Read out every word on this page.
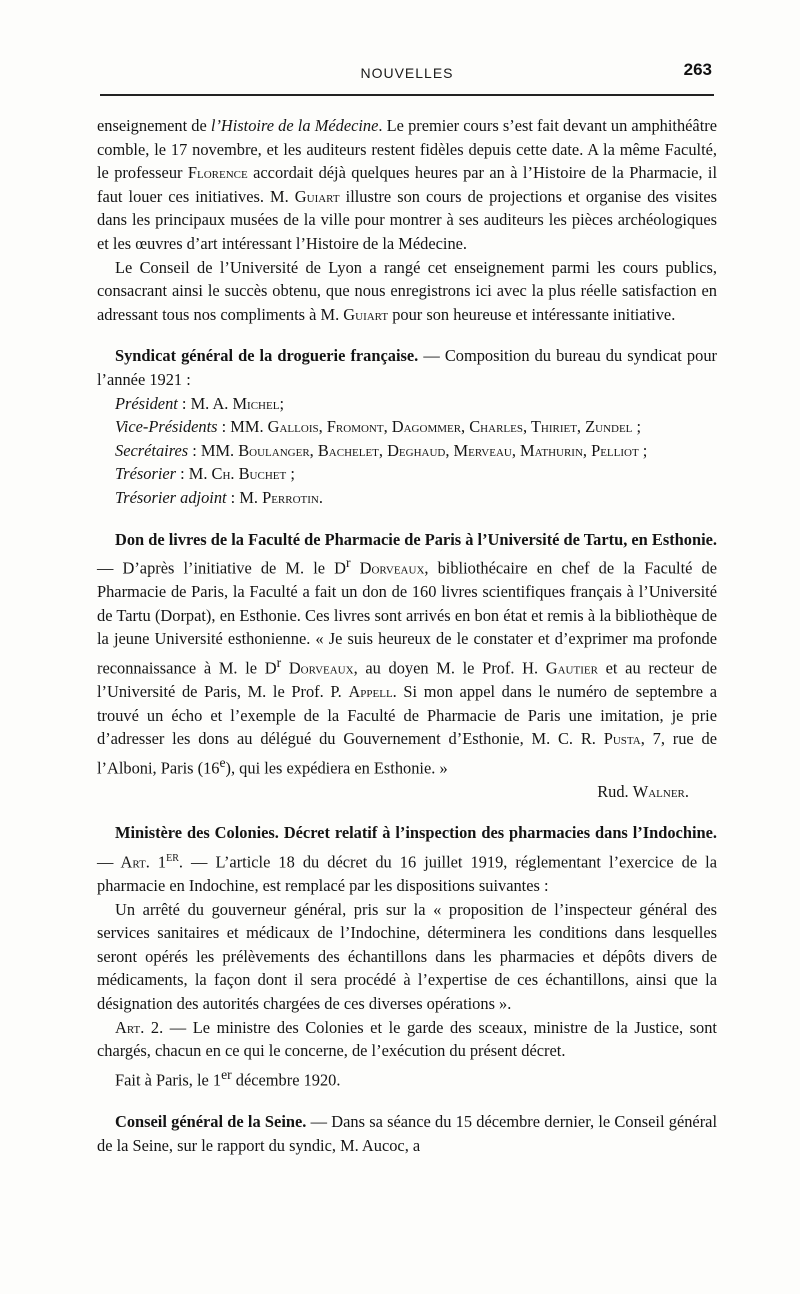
NOUVELLES	263

enseignement de l’Histoire de la Médecine. Le premier cours s’est fait devant un amphithéâtre comble, le 17 novembre, et les auditeurs restent fidèles depuis cette date. A la même Faculté, le professeur Florence accordait déjà quelques heures par an à l’Histoire de la Pharmacie, il faut louer ces initiatives. M. Guiart illustre son cours de projections et organise des visites dans les principaux musées de la ville pour montrer à ses auditeurs les pièces archéologiques et les œuvres d’art intéressant l’Histoire de la Médecine.

Le Conseil de l’Université de Lyon a rangé cet enseignement parmi les cours publics, consacrant ainsi le succès obtenu, que nous enregistrons ici avec la plus réelle satisfaction en adressant tous nos compliments à M. Guiart pour son heureuse et intéressante initiative.

Syndicat général de la droguerie française. — Composition du bureau du syndicat pour l’année 1921 :

Président : M. A. Michel;

Vice-Présidents : MM. Gallois, Fromont, Dagommer, Charles, Thiriet, Zundel ;

Secrétaires : MM. Boulanger, Bachelet, Deghaud, Merveau, Mathurin, Pelliot ;

Trésorier : M. Ch. Buchet ;

Trésorier adjoint : M. Perrotin.

Don de livres de la Faculté de Pharmacie de Paris à l’Université de Tartu, en Esthonie. — D’après l’initiative de M. le $D^r$ Dorveaux, bibliothécaire en chef de la Faculté de Pharmacie de Paris, la Faculté a fait un don de 160 livres scientifiques français à l’Université de Tartu (Dorpat), en Esthonie. Ces livres sont arrivés en bon état et remis à la bibliothèque de la jeune Université esthonienne. « Je suis heureux de le constater et d’exprimer ma profonde reconnaissance à M. le $D^r$ Dorveaux, au doyen M. le Prof. H. Gautier et au recteur de l’Université de Paris, M. le Prof. P. Appell. Si mon appel dans le numéro de septembre a trouvé un écho et l’exemple de la Faculté de Pharmacie de Paris une imitation, je prie d’adresser les dons au délégué du Gouvernement d’Esthonie, M. C. R. Pusta, 7, rue de l’Alboni, Paris (16e), qui les expédiera en Esthonie. »

Rud. Walner.

Ministère des Colonies. Décret relatif à l’inspection des pharmacies dans l’Indochine. — Art. 1er. — L’article 18 du décret du 16 juillet 1919, réglementant l’exercice de la pharmacie en Indochine, est remplacé par les dispositions suivantes :

Un arrêté du gouverneur général, pris sur la « proposition de l’inspecteur général des services sanitaires et médicaux de l’Indochine, déterminera les conditions dans lesquelles seront opérés les prélèvements des échantillons dans les pharmacies et dépôts divers de médicaments, la façon dont il sera procédé à l’expertise de ces échantillons, ainsi que la désignation des autorités chargées de ces diverses opérations ».

Art. 2. — Le ministre des Colonies et le garde des sceaux, ministre de la Justice, sont chargés, chacun en ce qui le concerne, de l’exécution du présent décret.

Fait à Paris, le 1er décembre 1920.

Conseil général de la Seine. — Dans sa séance du 15 décembre dernier, le Conseil général de la Seine, sur le rapport du syndic, M. Aucoc, a
